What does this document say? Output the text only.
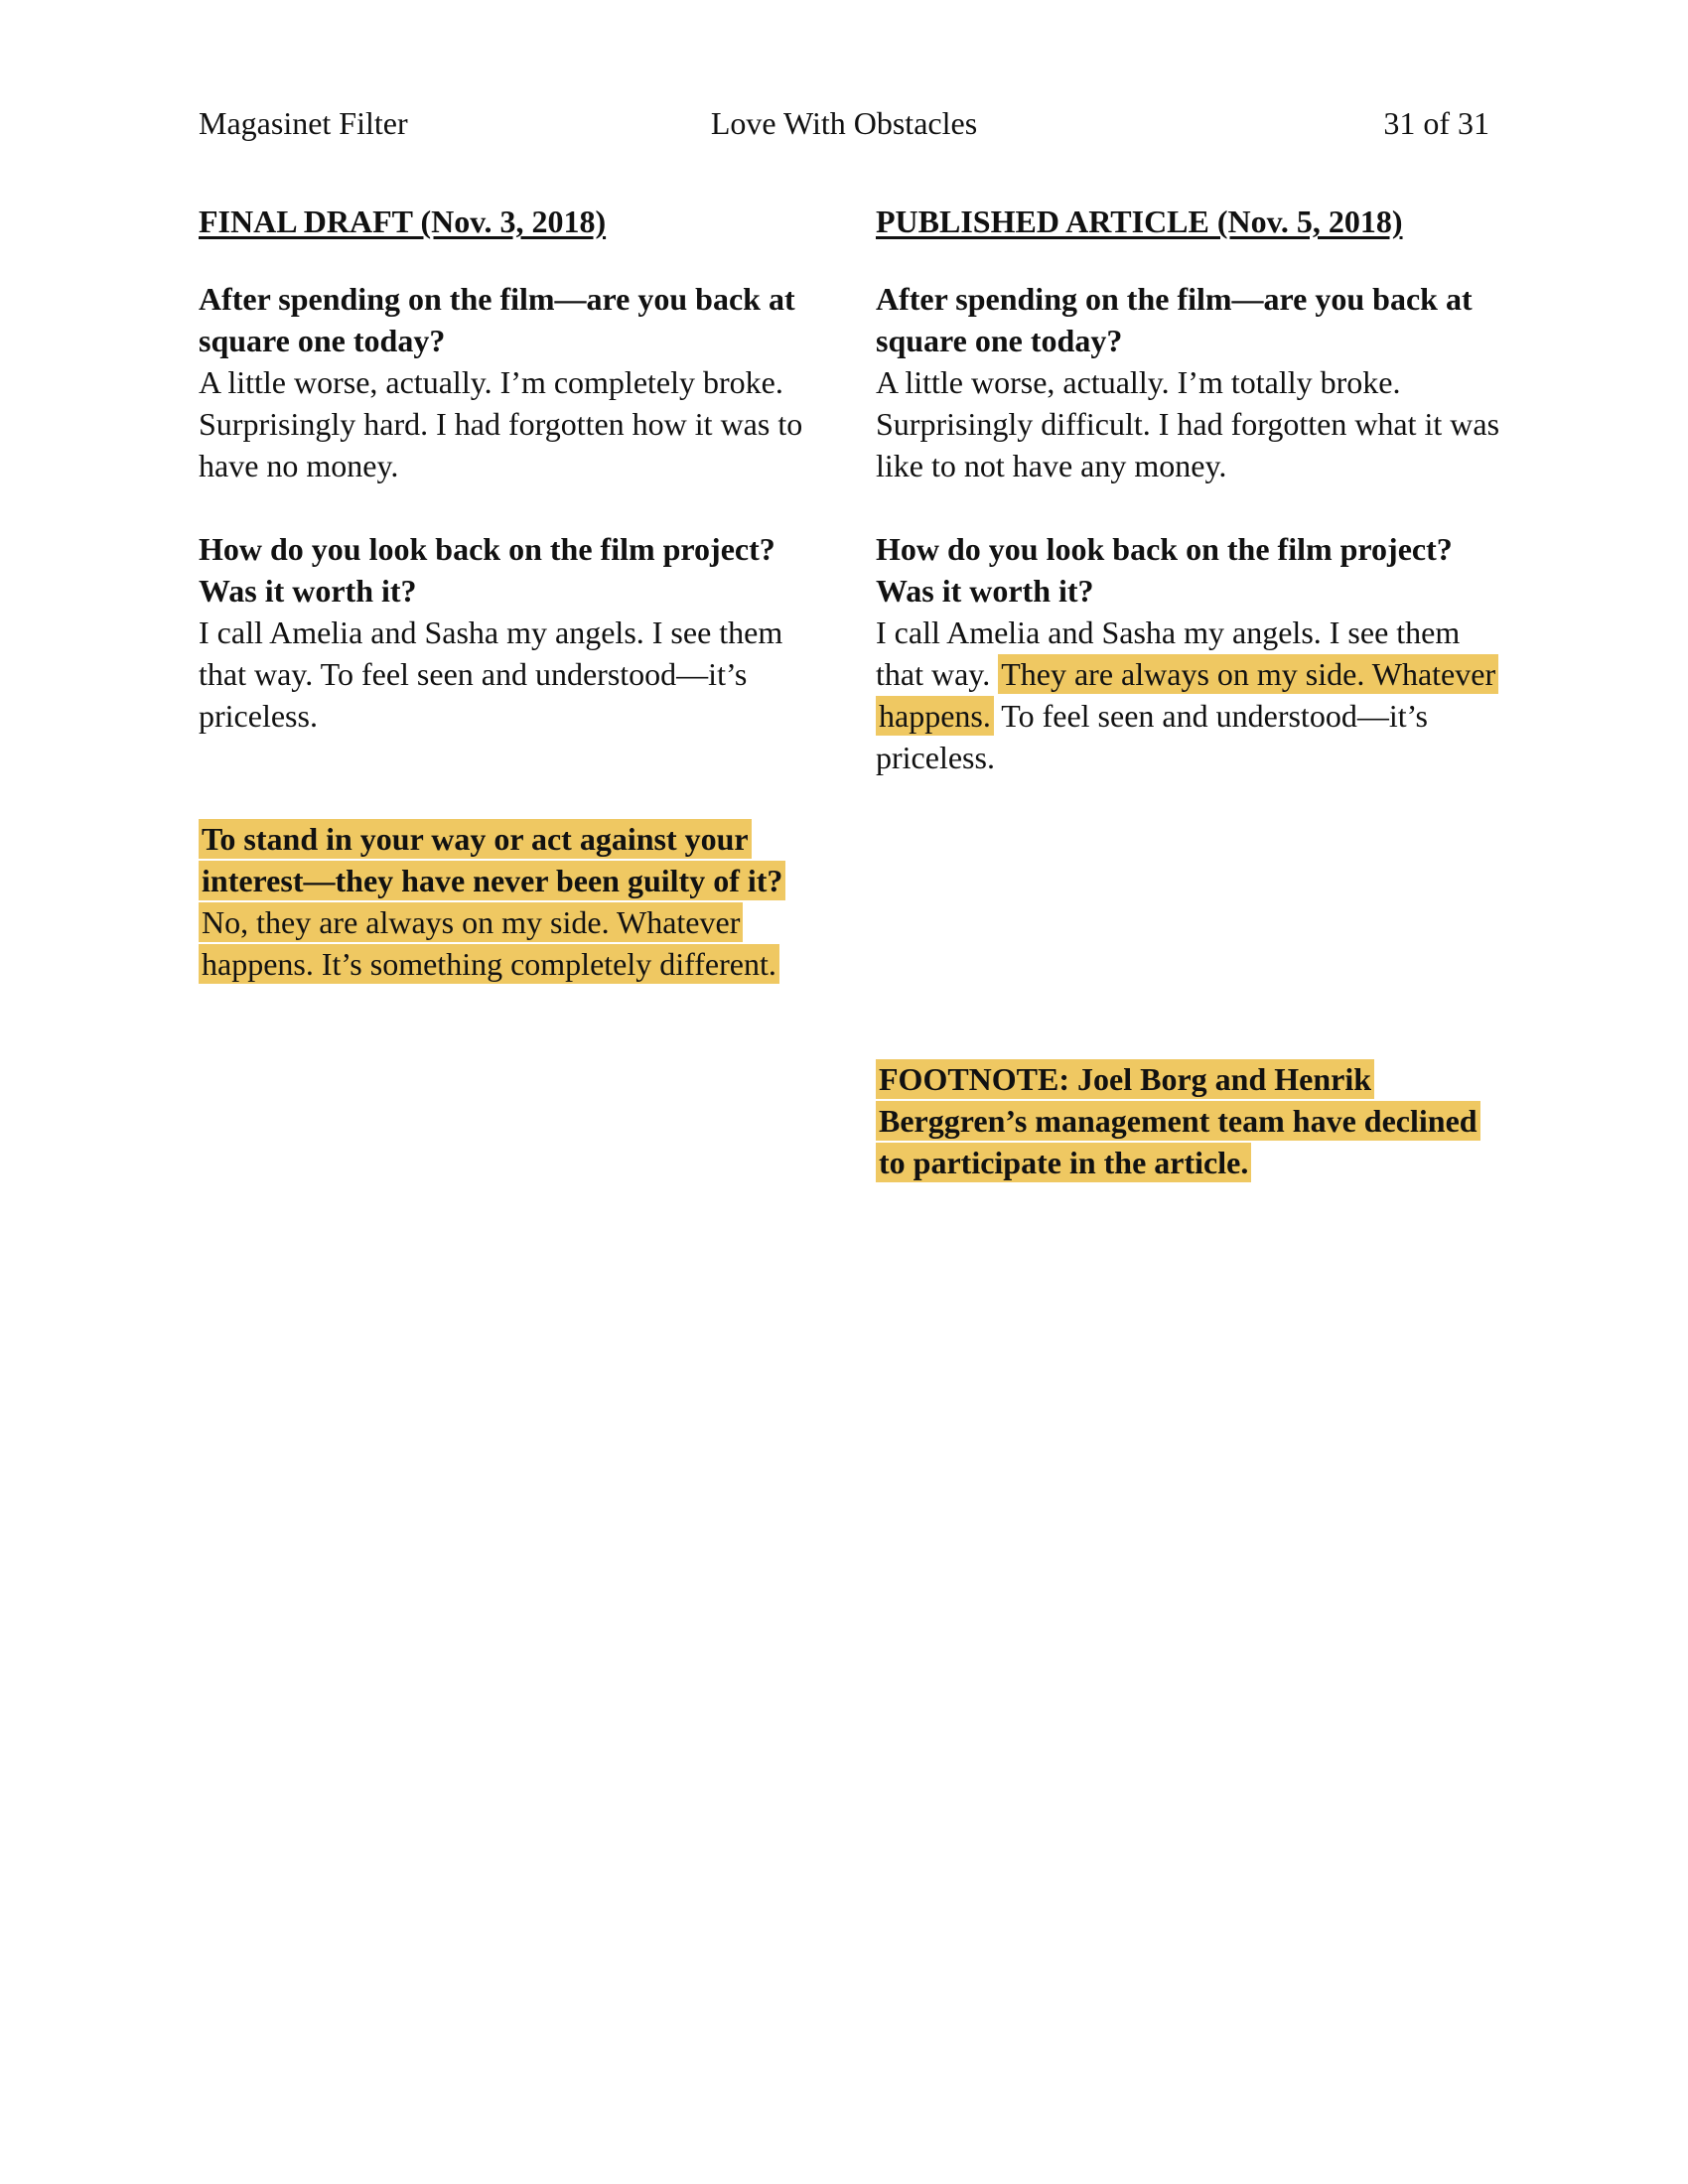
Love With Obstacles
Magasinet Filter	31 of 31

FINAL DRAFT (Nov. 3, 2018)

After spending on the film—are you back at square one today?

A little worse, actually. I’m completely broke. Surprisingly hard. I had forgotten how it was to have no money.

How do you look back on the film project? Was it worth it?

I call Amelia and Sasha my angels. I see them that way. To feel seen and understood—it’s priceless.

To stand in your way or act against your interest—they have never been guilty of it?

No, they are always on my side. Whatever happens. It’s something completely different.

PUBLISHED ARTICLE (Nov. 5, 2018)

After spending on the film—are you back at square one today?

A little worse, actually. I’m totally broke. Surprisingly difficult. I had forgotten what it was like to not have any money.

How do you look back on the film project? Was it worth it?

I call Amelia and Sasha my angels. I see them that way. They are always on my side. Whatever happens. To feel seen and understood—it’s priceless.

FOOTNOTE: Joel Borg and Henrik Berggren’s management team have declined to participate in the article.
